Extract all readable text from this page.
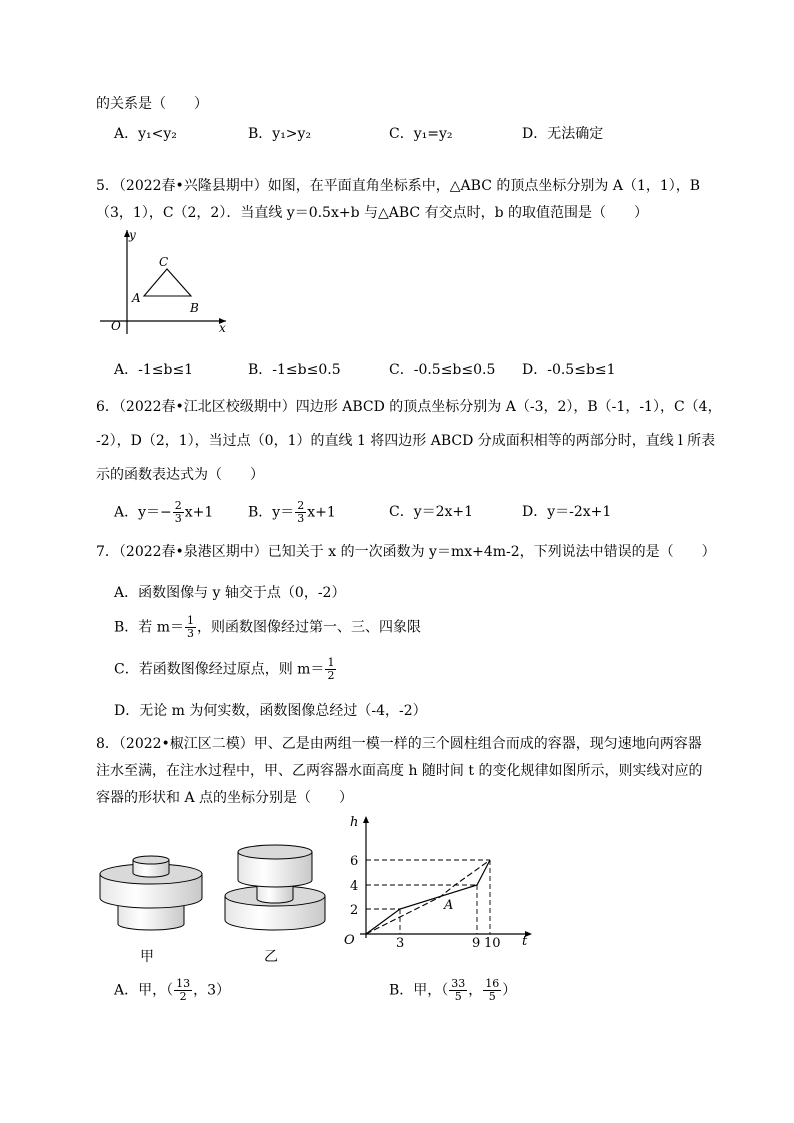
的关系是（　　）
A．y₁<y₂	B．y₁>y₂	C．y₁=y₂	D．无法确定
5．（2022春•兴隆县期中）如图，在平面直角坐标系中，△ABC 的顶点坐标分别为 A（1，1），B
（3，1），C（2，2）．当直线 y＝0.5x+b 与△ABC 有交点时，b 的取值范围是（　　）
y
x
O
A
B
C
A．-1≤b≤1	B．-1≤b≤0.5	C．-0.5≤b≤0.5 D．-0.5≤b≤1
6．（2022春•江北区校级期中）四边形 ABCD 的顶点坐标分别为 A（-3，2），B（-1，-1），C（4，
-2），D（2，1），当过点（0，1）的直线 1 将四边形 ABCD 分成面积相等的两部分时，直线 l 所表
示的函数表达式为（　　）
A．$y=- \frac{2}{3} x+1$ B．$y= \frac{2}{3} x+1$	C．y＝2x+1	D．y＝-2x+1
7．（2022春•泉港区期中）已知关于 x 的一次函数为 y＝mx+4m-2，下列说法中错误的是（　　）
A．函数图像与 y 轴交于点（0，-2）
B．若 $m= \frac{1}{3}$ ，则函数图像经过第一、三、四象限
C．若函数图像经过原点，则 $m= \frac{1}{2}$
D．无论 m 为何实数，函数图像总经过（-4，-2）
8．（2022•椒江区二模）甲、乙是由两组一模一样的三个圆柱组合而成的容器，现匀速地向两容器
注水至满，在注水过程中，甲、乙两容器水面高度 h 随时间 t 的变化规律如图所示，则实线对应的
容器的形状和 A 点的坐标分别是（　　）
甲	乙
h
t
O
6
4
2
3	9 10
A
A．甲，（ $\frac{13}{2}$ ，3）	B．甲，（ $\frac{33}{5}$ ， $\frac{16}{5}$ ）
